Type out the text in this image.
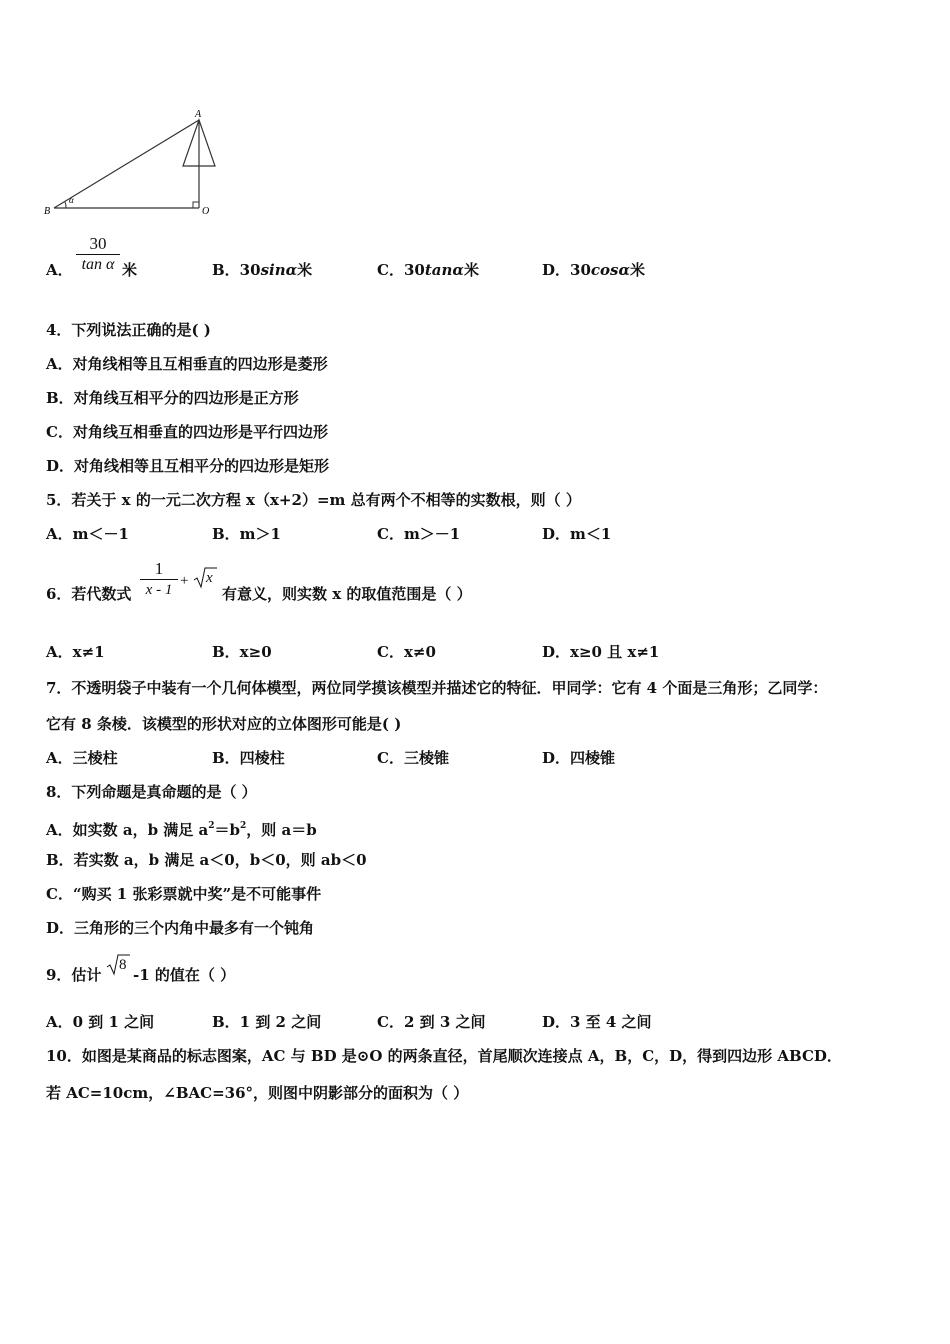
A
B	O
α
A．
30
tan α 米	B．30sinα米	C．30tanα米	D．30cosα米
4．下列说法正确的是( )
A．对角线相等且互相垂直的四边形是菱形
B．对角线互相平分的四边形是正方形
C．对角线互相垂直的四边形是平行四边形
D．对角线相等且互相平分的四边形是矩形
5．若关于 x 的一元二次方程 x（x+2）=m 总有两个不相等的实数根，则（ ）
A．m＜－1	B．m＞1	C．m＞－1	D．m＜1
6．若代数式
1
x - 1
+ x
有意义，则实数 x 的取值范围是（ ）
A．x≠1	B．x≥0	C．x≠0	D．x≥0 且 x≠1
7．不透明袋子中装有一个几何体模型，两位同学摸该模型并描述它的特征．甲同学：它有 4 个面是三角形；乙同学：
它有 8 条棱．该模型的形状对应的立体图形可能是( )
A．三棱柱	B．四棱柱	C．三棱锥	D．四棱锥
8．下列命题是真命题的是（ ）
A．如实数 a，b 满足 $a^2=b^2$，则 a＝b
B．若实数 a，b 满足 a＜0，b＜0，则 ab＜0
C．“购买 1 张彩票就中奖”是不可能事件
D．三角形的三个内角中最多有一个钝角
9．估计
8
-1 的值在（ ）
A．0 到 1 之间	B．1 到 2 之间	C．2 到 3 之间	D．3 至 4 之间
10．如图是某商品的标志图案，AC 与 BD 是⊙O 的两条直径，首尾顺次连接点 A，B，C，D，得到四边形 ABCD．
若 AC=10cm，∠BAC=36°，则图中阴影部分的面积为（ ）
